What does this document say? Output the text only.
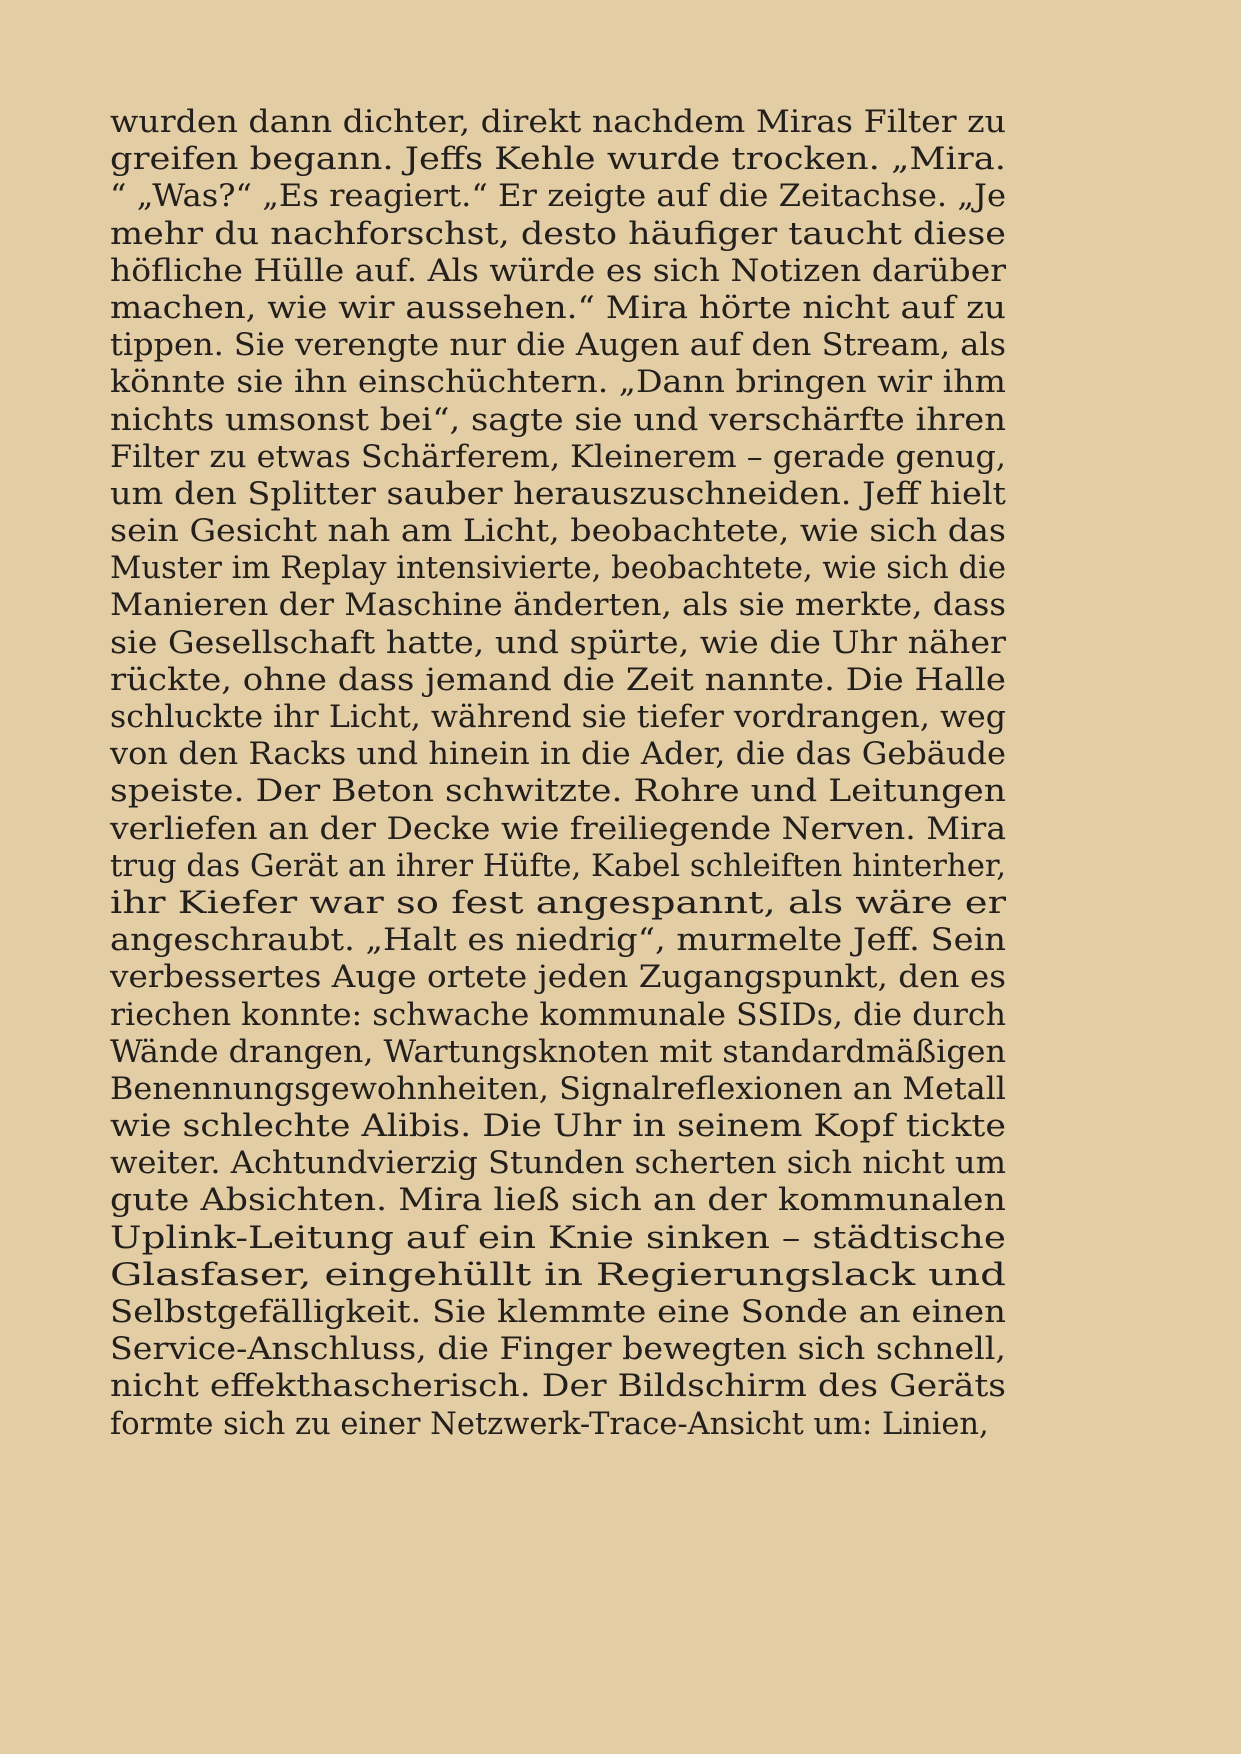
wurden dann dichter, direkt nachdem Miras Filter zu
greifen begann. Jeffs Kehle wurde trocken. „Mira.
“ „Was?“ „Es reagiert.“ Er zeigte auf die Zeitachse. „Je
mehr du nachforschst, desto häufiger taucht diese
höfliche Hülle auf. Als würde es sich Notizen darüber
machen, wie wir aussehen.“ Mira hörte nicht auf zu
tippen. Sie verengte nur die Augen auf den Stream, als
könnte sie ihn einschüchtern. „Dann bringen wir ihm
nichts umsonst bei“, sagte sie und verschärfte ihren
Filter zu etwas Schärferem, Kleinerem – gerade genug,
um den Splitter sauber herauszuschneiden. Jeff hielt
sein Gesicht nah am Licht, beobachtete, wie sich das
Muster im Replay intensivierte, beobachtete, wie sich die
Manieren der Maschine änderten, als sie merkte, dass
sie Gesellschaft hatte, und spürte, wie die Uhr näher
rückte, ohne dass jemand die Zeit nannte. Die Halle
schluckte ihr Licht, während sie tiefer vordrangen, weg
von den Racks und hinein in die Ader, die das Gebäude
speiste. Der Beton schwitzte. Rohre und Leitungen
verliefen an der Decke wie freiliegende Nerven. Mira
trug das Gerät an ihrer Hüfte, Kabel schleiften hinterher,
ihr Kiefer war so fest angespannt, als wäre er
angeschraubt. „Halt es niedrig“, murmelte Jeff. Sein
verbessertes Auge ortete jeden Zugangspunkt, den es
riechen konnte: schwache kommunale SSIDs, die durch
Wände drangen, Wartungsknoten mit standardmäßigen
Benennungsgewohnheiten, Signalreflexionen an Metall
wie schlechte Alibis. Die Uhr in seinem Kopf tickte
weiter. Achtundvierzig Stunden scherten sich nicht um
gute Absichten. Mira ließ sich an der kommunalen
Uplink-Leitung auf ein Knie sinken – städtische
Glasfaser, eingehüllt in Regierungslack und
Selbstgefälligkeit. Sie klemmte eine Sonde an einen
Service-Anschluss, die Finger bewegten sich schnell,
nicht effekthascherisch. Der Bildschirm des Geräts
formte sich zu einer Netzwerk-Trace-Ansicht um: Linien,
